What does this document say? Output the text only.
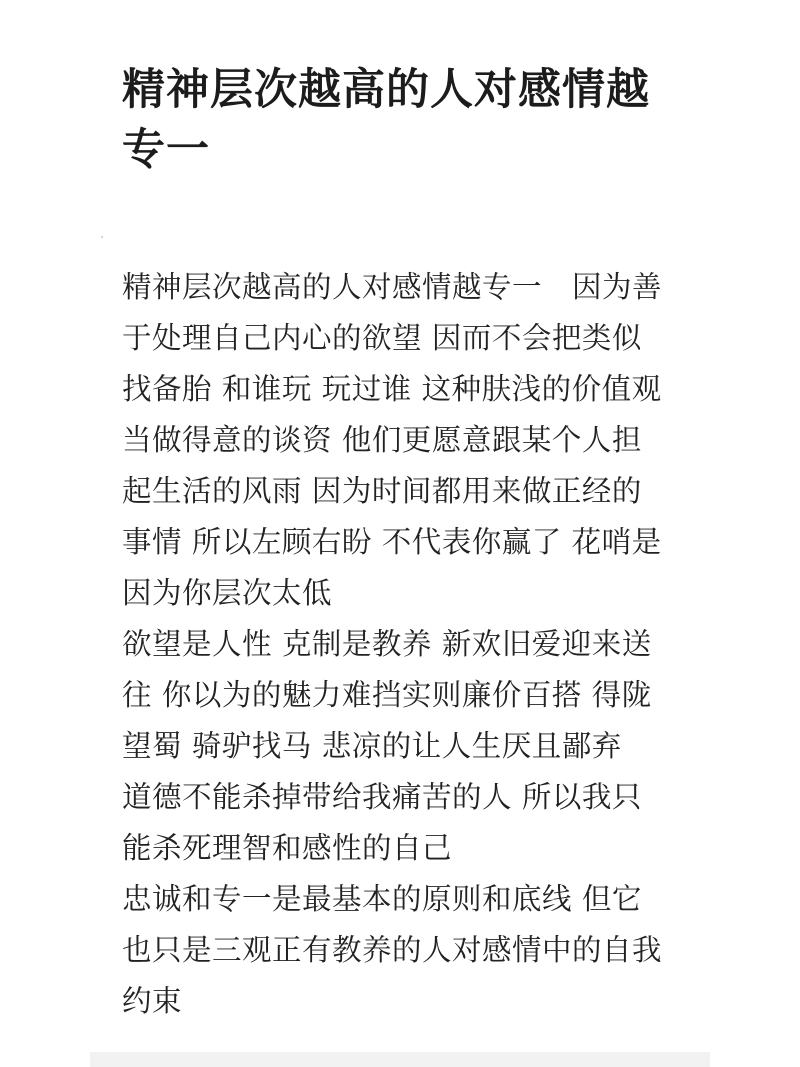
精神层次越高的人对感情越
专一
精神层次越高的人对感情越专一　因为善
于处理自己内心的欲望 因而不会把类似
找备胎 和谁玩 玩过谁 这种肤浅的价值观
当做得意的谈资 他们更愿意跟某个人担
起生活的风雨 因为时间都用来做正经的
事情 所以左顾右盼 不代表你赢了 花哨是
因为你层次太低
欲望是人性 克制是教养 新欢旧爱迎来送
往 你以为的魅力难挡实则廉价百搭 得陇
望蜀 骑驴找马 悲凉的让人生厌且鄙弃
道德不能杀掉带给我痛苦的人 所以我只
能杀死理智和感性的自己
忠诚和专一是最基本的原则和底线 但它
也只是三观正有教养的人对感情中的自我
约束
